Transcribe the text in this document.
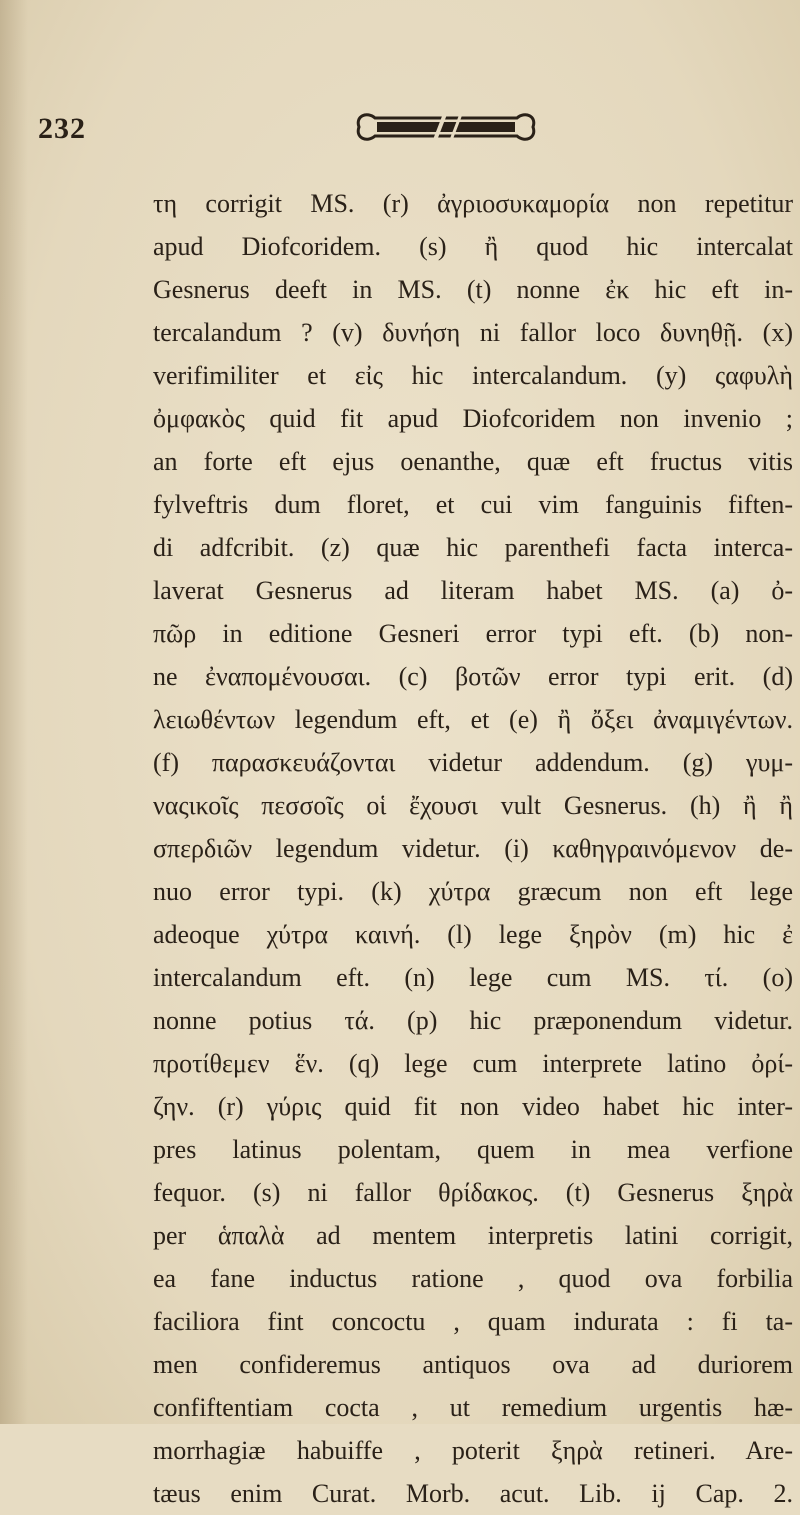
232
τη corrigit MS. (r) ἀγριοσυκαμορία non repetitur
apud Diofcoridem. (s) ἢ quod hic intercalat
Gesnerus deeft in MS. (t) nonne ἐκ hic eft in-
tercalandum ? (v) δυνήση ni fallor loco δυνηθῇ. (x)
verifimiliter et εἰς hic intercalandum. (y) ςαφυλὴ
ὀμφακὸς quid fit apud Diofcoridem non invenio ;
an forte eft ejus oenanthe, quæ eft fructus vitis
fylveftris dum floret, et cui vim fanguinis fiften-
di adfcribit. (z) quæ hic parenthefi facta interca-
laverat Gesnerus ad literam habet MS. (a) ὀ-
πῶρ in editione Gesneri error typi eft. (b) non-
ne ἐναπομένουσαι. (c) βοτῶν error typi erit. (d)
λειωθέντων legendum eft, et (e) ἢ ὄξει ἀναμιγέντων.
(f) παρασκευάζονται videtur addendum. (g) γυμ-
ναςικοῖς πεσσοῖς οἱ ἔχουσι vult Gesnerus. (h) ἢ ἢ
σπερδιῶν legendum videtur. (i) καθηγραινόμενον de-
nuo error typi. (k) χύτρα græcum non eft lege
adeoque χύτρα καινή. (l) lege ξηρὸν (m) hic ἐ
intercalandum eft. (n) lege cum MS. τί. (o)
nonne potius τά. (p) hic præponendum videtur.
προτίθεμεν ἕν. (q) lege cum interprete latino ὀρί-
ζην. (r) γύρις quid fit non video habet hic inter-
pres latinus polentam, quem in mea verfione
fequor. (s) ni fallor θρίδακος. (t) Gesnerus ξηρὰ
per ἁπαλὰ ad mentem interpretis latini corrigit,
ea fane inductus ratione , quod ova forbilia
faciliora fint concoctu , quam indurata : fi ta-
men confideremus antiquos ova ad duriorem
confiftentiam cocta , ut remedium urgentis hæ-
morrhagiæ habuiffe , poterit ξηρὰ retineri. Are-
tæus enim Curat. Morb. acut. Lib. ij Cap. 2.
